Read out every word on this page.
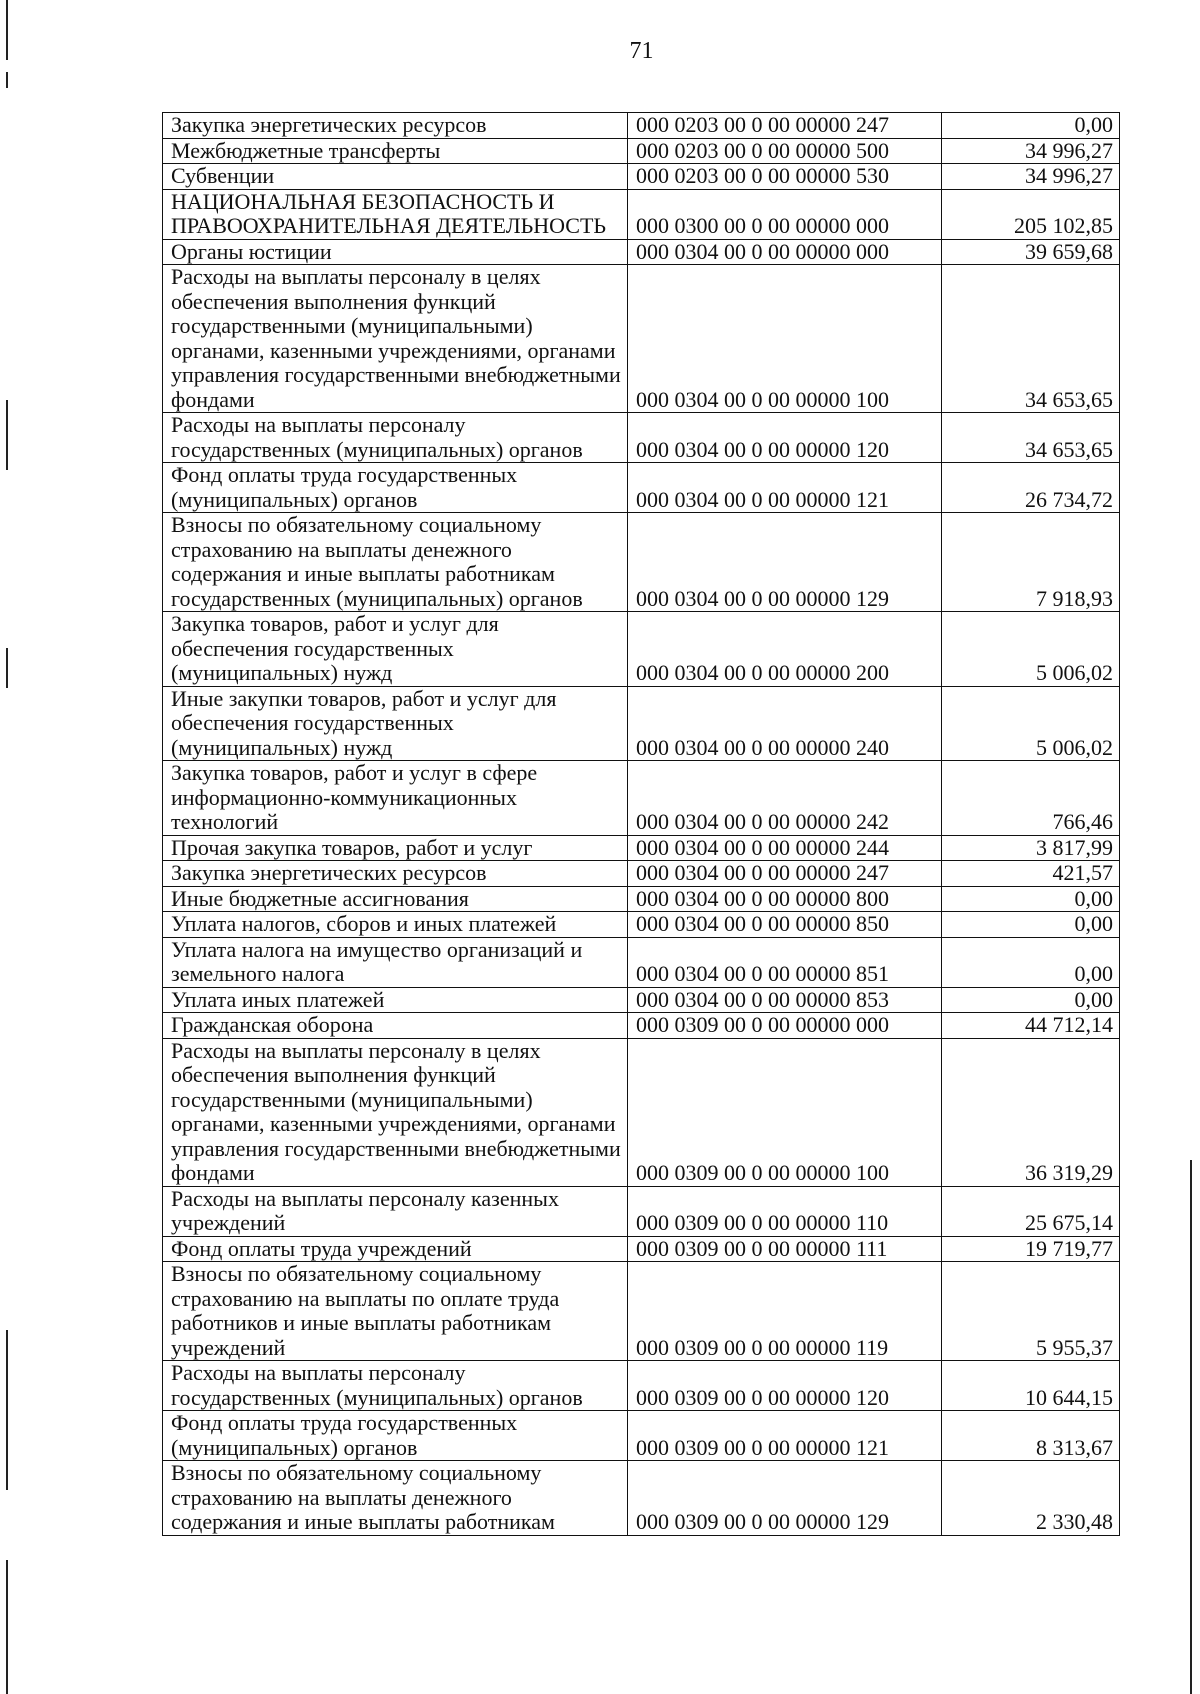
71
Закупка энергетических ресурсов	000 0203 00 0 00 00000 247	0,00
Межбюджетные трансферты	000 0203 00 0 00 00000 500	34 996,27
Субвенции	000 0203 00 0 00 00000 530	34 996,27
НАЦИОНАЛЬНАЯ БЕЗОПАСНОСТЬ И ПРАВООХРАНИТЕЛЬНАЯ ДЕЯТЕЛЬНОСТЬ	000 0300 00 0 00 00000 000	205 102,85
Органы юстиции	000 0304 00 0 00 00000 000	39 659,68
Расходы на выплаты персоналу в целях обеспечения выполнения функций государственными (муниципальными) органами, казенными учреждениями, органами управления государственными внебюджетными фондами	000 0304 00 0 00 00000 100	34 653,65
Расходы на выплаты персоналу государственных (муниципальных) органов	000 0304 00 0 00 00000 120	34 653,65
Фонд оплаты труда государственных (муниципальных) органов	000 0304 00 0 00 00000 121	26 734,72
Взносы по обязательному социальному страхованию на выплаты денежного содержания и иные выплаты работникам государственных (муниципальных) органов	000 0304 00 0 00 00000 129	7 918,93
Закупка товаров, работ и услуг для обеспечения государственных (муниципальных) нужд	000 0304 00 0 00 00000 200	5 006,02
Иные закупки товаров, работ и услуг для обеспечения государственных (муниципальных) нужд	000 0304 00 0 00 00000 240	5 006,02
Закупка товаров, работ и услуг в сфере информационно-коммуникационных технологий	000 0304 00 0 00 00000 242	766,46
Прочая закупка товаров, работ и услуг	000 0304 00 0 00 00000 244	3 817,99
Закупка энергетических ресурсов	000 0304 00 0 00 00000 247	421,57
Иные бюджетные ассигнования	000 0304 00 0 00 00000 800	0,00
Уплата налогов, сборов и иных платежей	000 0304 00 0 00 00000 850	0,00
Уплата налога на имущество организаций и земельного налога	000 0304 00 0 00 00000 851	0,00
Уплата иных платежей	000 0304 00 0 00 00000 853	0,00
Гражданская оборона	000 0309 00 0 00 00000 000	44 712,14
Расходы на выплаты персоналу в целях обеспечения выполнения функций государственными (муниципальными) органами, казенными учреждениями, органами управления государственными внебюджетными фондами	000 0309 00 0 00 00000 100	36 319,29
Расходы на выплаты персоналу казенных учреждений	000 0309 00 0 00 00000 110	25 675,14
Фонд оплаты труда учреждений	000 0309 00 0 00 00000 111	19 719,77
Взносы по обязательному социальному страхованию на выплаты по оплате труда работников и иные выплаты работникам учреждений	000 0309 00 0 00 00000 119	5 955,37
Расходы на выплаты персоналу государственных (муниципальных) органов	000 0309 00 0 00 00000 120	10 644,15
Фонд оплаты труда государственных (муниципальных) органов	000 0309 00 0 00 00000 121	8 313,67
Взносы по обязательному социальному страхованию на выплаты денежного содержания и иные выплаты работникам	000 0309 00 0 00 00000 129	2 330,48
